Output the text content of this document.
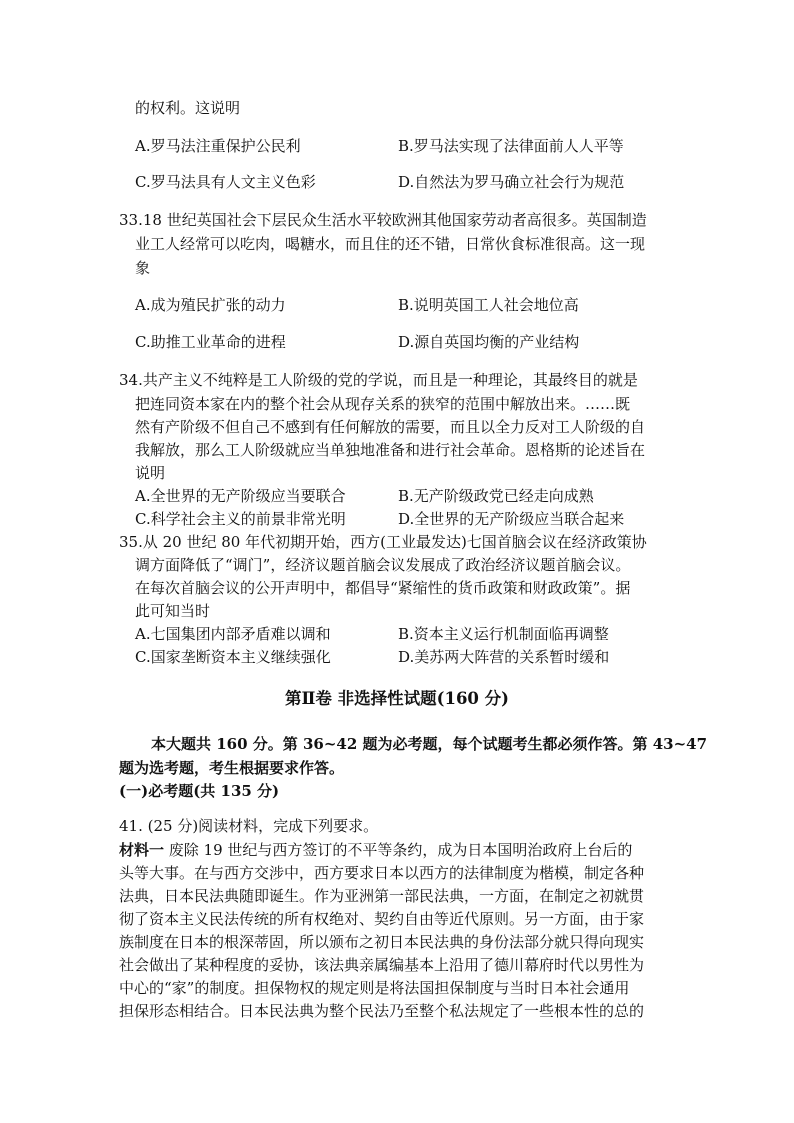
的权利。这说明
A.罗马法注重保护公民利	B.罗马法实现了法律面前人人平等
C.罗马法具有人文主义色彩	D.自然法为罗马确立社会行为规范
33.18 世纪英国社会下层民众生活水平较欧洲其他国家劳动者高很多。英国制造
业工人经常可以吃肉，喝糖水，而且住的还不错，日常伙食标准很高。这一现
象
A.成为殖民扩张的动力	B.说明英国工人社会地位高
C.助推工业革命的进程	D.源自英国均衡的产业结构
34.共产主义不纯粹是工人阶级的党的学说，而且是一种理论，其最终目的就是
把连同资本家在内的整个社会从现存关系的狭窄的范围中解放出来。……既
然有产阶级不但自己不感到有任何解放的需要，而且以全力反对工人阶级的自
我解放，那么工人阶级就应当单独地准备和进行社会革命。恩格斯的论述旨在
说明
A.全世界的无产阶级应当要联合	B.无产阶级政党已经走向成熟
C.科学社会主义的前景非常光明	D.全世界的无产阶级应当联合起来
35.从 20 世纪 80 年代初期开始，西方(工业最发达)七国首脑会议在经济政策协
调方面降低了“调门”，经济议题首脑会议发展成了政治经济议题首脑会议。
在每次首脑会议的公开声明中，都倡导“紧缩性的货币政策和财政政策”。据
此可知当时
A.七国集团内部矛盾难以调和	B.资本主义运行机制面临再调整
C.国家垄断资本主义继续强化	D.美苏两大阵营的关系暂时缓和
第Ⅱ卷 非选择性试题(160 分)
本大题共 160 分。第 36~42 题为必考题，每个试题考生都必须作答。第 43~47
题为选考题，考生根据要求作答。
(一)必考题(共 135 分)
41. (25 分)阅读材料，完成下列要求。
材料一 废除 19 世纪与西方签订的不平等条约，成为日本国明治政府上台后的
头等大事。在与西方交涉中，西方要求日本以西方的法律制度为楷模，制定各种
法典，日本民法典随即诞生。作为亚洲第一部民法典，一方面，在制定之初就贯
彻了资本主义民法传统的所有权绝对、契约自由等近代原则。另一方面，由于家
族制度在日本的根深蒂固，所以颁布之初日本民法典的身份法部分就只得向现实
社会做出了某种程度的妥协，该法典亲属编基本上沿用了德川幕府时代以男性为
中心的“家”的制度。担保物权的规定则是将法国担保制度与当时日本社会通用
担保形态相结合。日本民法典为整个民法乃至整个私法规定了一些根本性的总的
